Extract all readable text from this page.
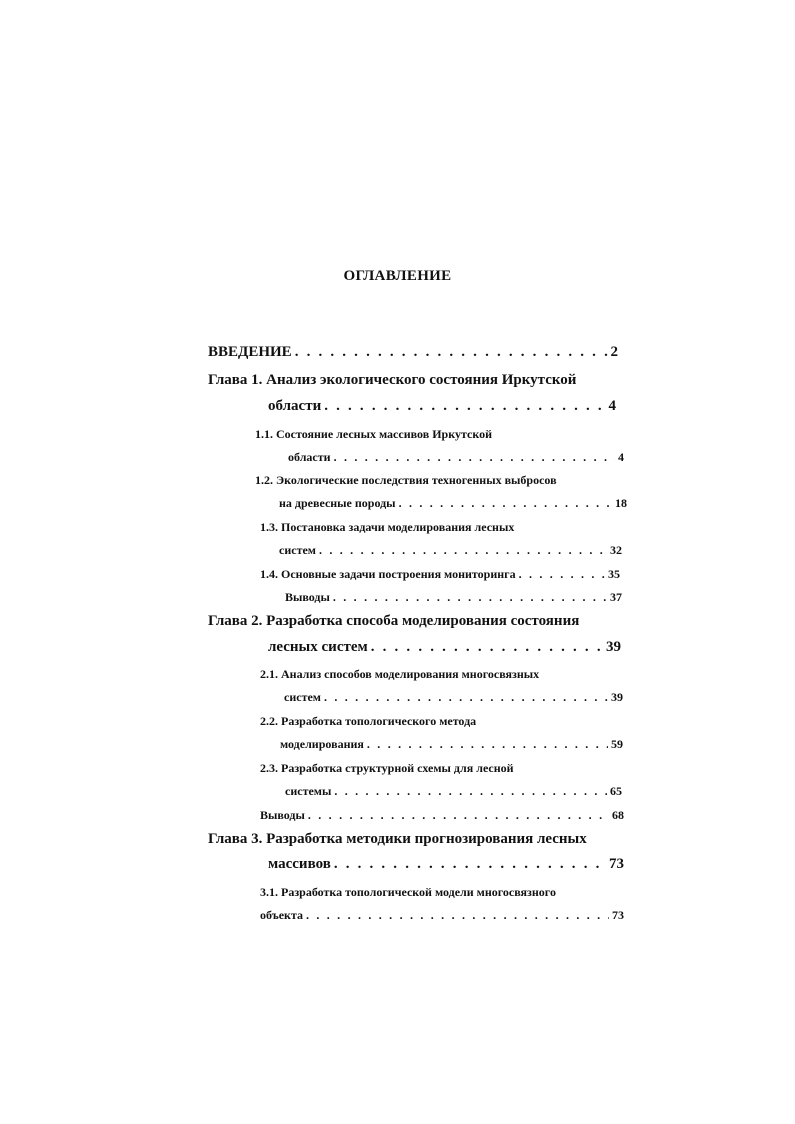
ОГЛАВЛЕНИЕ
ВВЕДЕНИЕ . . .	2
Глава 1. Анализ экологического состояния Иркутской
области . . .	4
1.1. Состояние лесных массивов Иркутской
области . . .	4
1.2. Экологические последствия техногенных выбросов
на древесные породы . . .	18
1.3. Постановка задачи моделирования лесных
систем . . .	32
1.4. Основные задачи построения мониторинга . . .	35
Выводы . . .	37
Глава 2. Разработка способа моделирования состояния
лесных систем . . .	39
2.1. Анализ способов моделирования многосвязных
систем . . .	39
2.2. Разработка топологического метода
моделирования . . .	59
2.3. Разработка структурной схемы для лесной
системы . . .	65
Выводы . . .	68
Глава 3. Разработка методики прогнозирования лесных
массивов . . .	73
3.1. Разработка топологической модели многосвязного
объекта . . .	73
